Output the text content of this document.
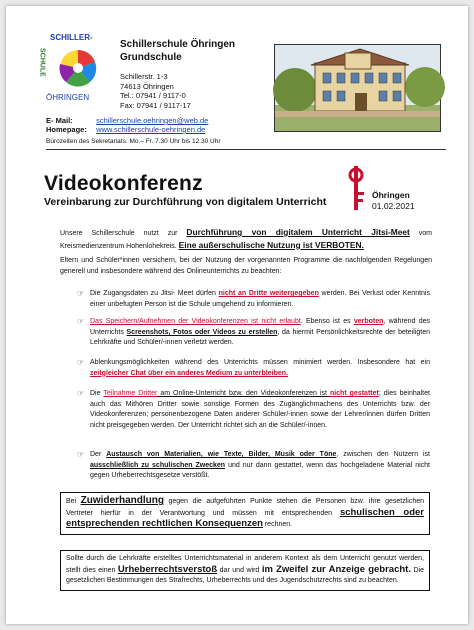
SCHILLER-
SCHULE
ÖHRINGEN
Schillerschule Öhringen
Grundschule
Schillerstr. 1-3
74613 Öhringen
Tel.: 07941 / 9117-0
Fax: 07941 / 9117-17
E- Mail:	schillerschule.oehringen@web.de
Homepage: www.schillerschule-oehringen.de
Bürozeiten des Sekretariats: Mo.– Fr. 7.30 Uhr bis 12.30 Uhr
Videokonferenz
Vereinbarung zur Durchführung von digitalem Unterricht
Öhringen
01.02.2021
Unsere Schillerschule nutzt zur Durchführung von digitalem Unterricht Jitsi-Meet vom Kreismedienzentrum Hohenlohekreis. Eine außerschulische Nutzung ist VERBOTEN.
Eltern und Schüler*innen versichern, bei der Nutzung der vorgenannten Programme die nachfolgenden Regelungen generell und insbesondere während des Onlineunterrichts zu beachten:
☞ Die Zugangsdaten zu Jitsi- Meet dürfen nicht an Dritte weitergegeben werden. Bei Verlust oder Kenntnis einer unbefugten Person ist die Schule umgehend zu informieren.
☞ Das Speichern/Aufnehmen der Videokonferenzen ist nicht erlaubt. Ebenso ist es verboten, während des Unterrichts Screenshots, Fotos oder Videos zu erstellen, da hiermit Persönlichkeitsrechte der beteiligten Lehrkräfte und Schüler/-innen verletzt werden.
☞ Ablenkungsmöglichkeiten während des Unterrichts müssen minimiert werden. Insbesondere hat ein zeitgleicher Chat über ein anderes Medium zu unterbleiben.
☞ Die Teilnahme Dritter am Online-Unterricht bzw. den Videokonferenzen ist nicht gestattet; dies beinhaltet auch das Mithören Dritter sowie sonstige Formen des Zugänglichmachens des Unterrichts bzw. der Videokonferenzen; personenbezogene Daten anderer Schüler/-innen sowie der Lehrer/innen dürfen Dritten nicht preisgegeben werden. Der Unterricht richtet sich an die Schüler/-innen.
☞ Der Austausch von Materialien, wie Texte, Bilder, Musik oder Töne, zwischen den Nutzern ist ausschließlich zu schulischen Zwecken und nur dann gestattet, wenn das hochgeladene Material nicht gegen Urheberrechtsgesetze verstößt.
Bei Zuwiderhandlung gegen die aufgeführten Punkte stehen die Personen bzw. ihre gesetzlichen Vertreter hierfür in der Verantwortung und müssen mit entsprechenden schulischen oder entsprechenden rechtlichen Konsequenzen rechnen.
Sollte durch die Lehrkräfte erstelltes Unterrichtsmaterial in anderem Kontext als dem Unterricht genutzt werden, stellt dies einen Urheberrechtsverstoß dar und wird im Zweifel zur Anzeige gebracht. Die gesetzlichen Bestimmungen des Strafrechts, Urheberrechts und des Jugendschutzrechts sind zu beachten.
